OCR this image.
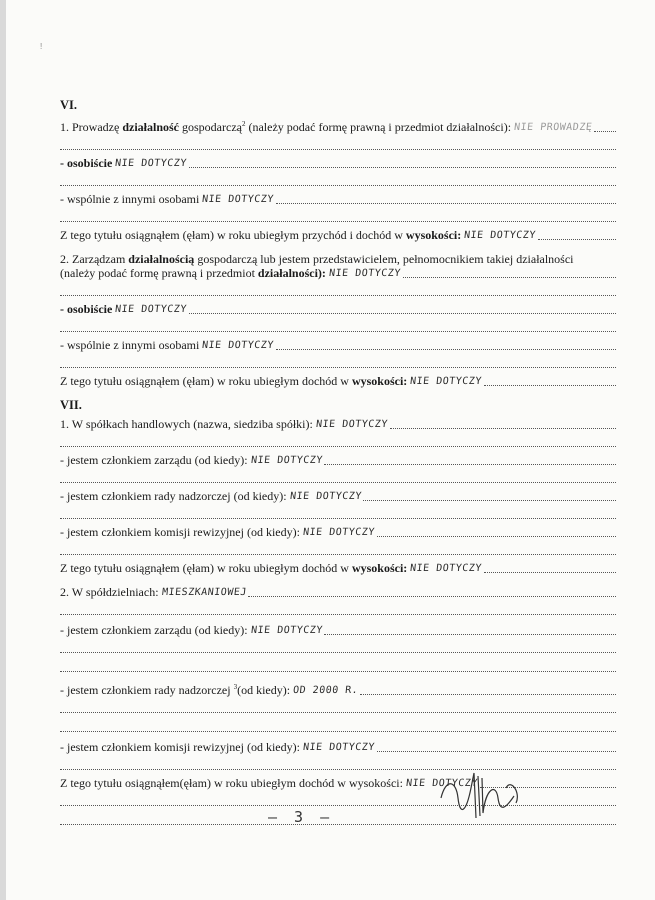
!
VI.
1. Prowadzę działalność gospodarczą$^2$ (należy podać formę prawną i przedmiot działalności): NIE PROWADZĘ
- osobiście NIE DOTYCZY
- wspólnie z innymi osobami NIE DOTYCZY
Z tego tytułu osiągnąłem (ęłam) w roku ubiegłym przychód i dochód w wysokości: NIE DOTYCZY
2. Zarządzam działalnością gospodarczą lub jestem przedstawicielem, pełnomocnikiem takiej działalności
(należy podać formę prawną i przedmiot działalności): NIE DOTYCZY
- osobiście NIE DOTYCZY
- wspólnie z innymi osobami NIE DOTYCZY
Z tego tytułu osiągnąłem (ęłam) w roku ubiegłym dochód w wysokości: NIE DOTYCZY
VII.
1. W spółkach handlowych (nazwa, siedziba spółki): NIE DOTYCZY
- jestem członkiem zarządu (od kiedy): NIE DOTYCZY
- jestem członkiem rady nadzorczej (od kiedy): NIE DOTYCZY
- jestem członkiem komisji rewizyjnej (od kiedy): NIE DOTYCZY
Z tego tytułu osiągnąłem (ęłam) w roku ubiegłym dochód w wysokości: NIE DOTYCZY
2. W spółdzielniach: MIESZKANIOWEJ
- jestem członkiem zarządu (od kiedy): NIE DOTYCZY
- jestem członkiem rady nadzorczej $^3$(od kiedy): OD 2000 R.
- jestem członkiem komisji rewizyjnej (od kiedy): NIE DOTYCZY
Z tego tytułu osiągnąłem(ęłam) w roku ubiegłym dochód w wysokości: NIE DOTYCZY
— 3 —
